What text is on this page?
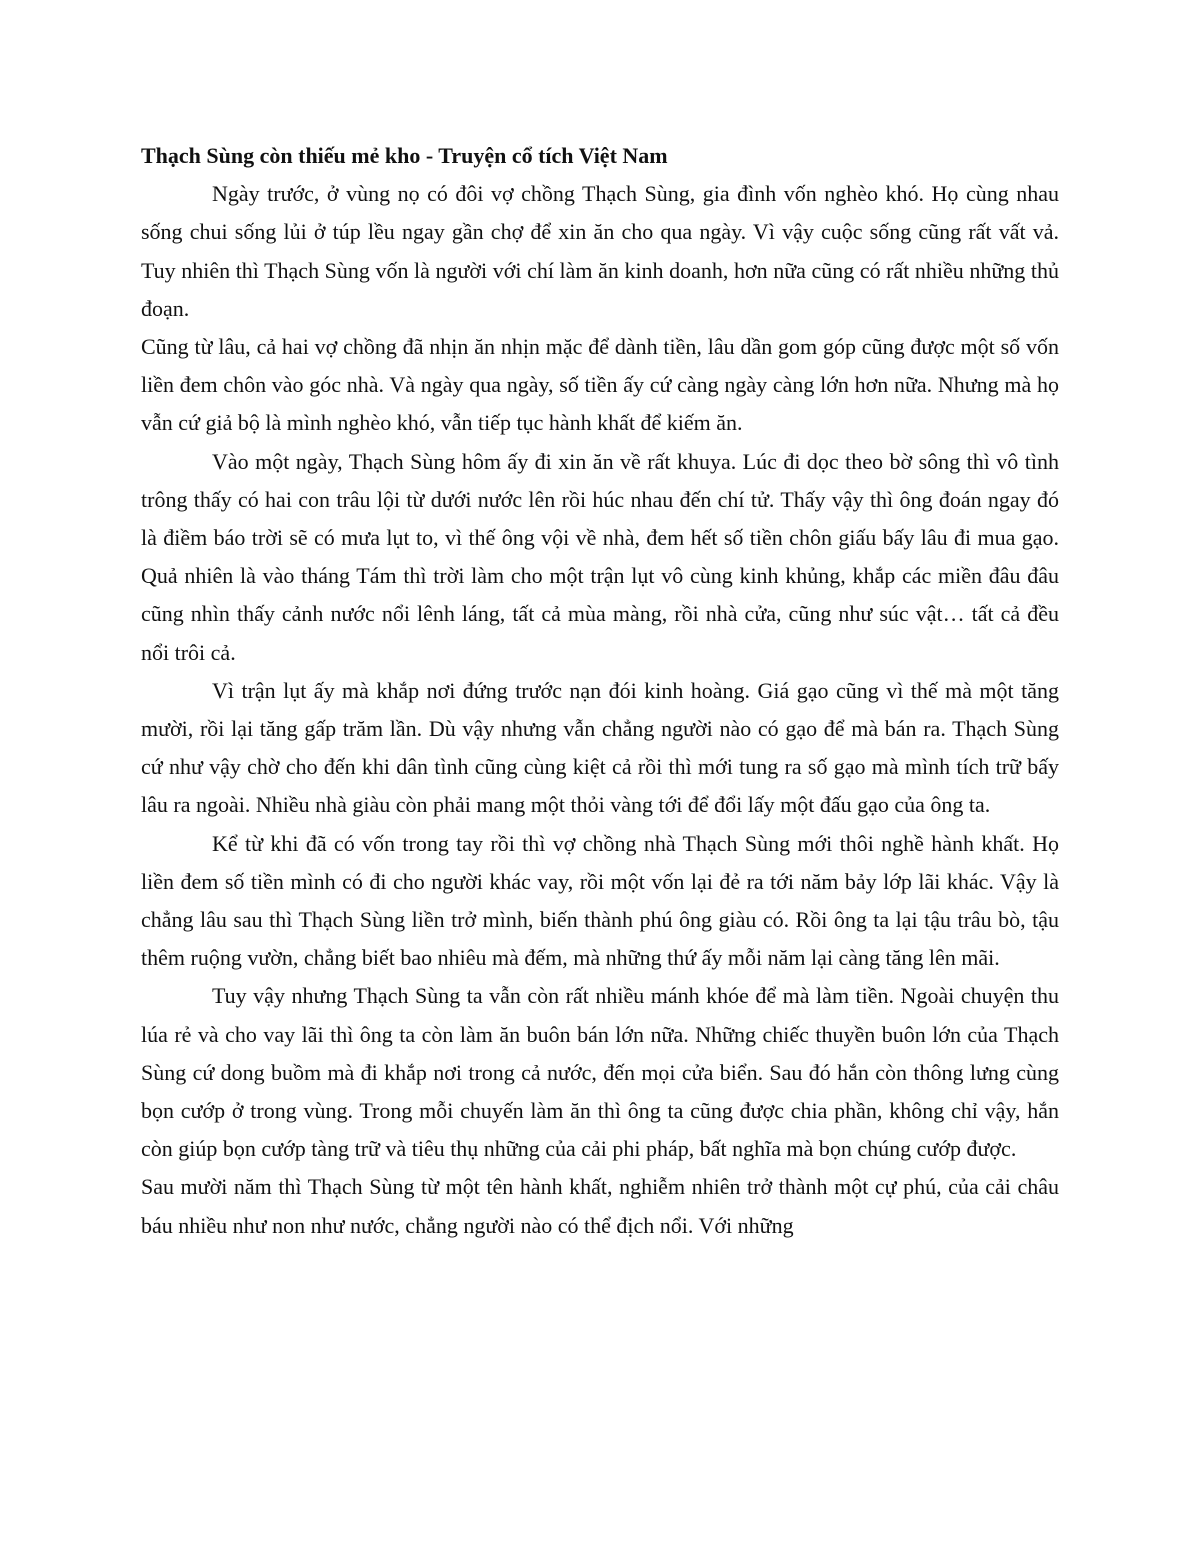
Thạch Sùng còn thiếu mẻ kho - Truyện cổ tích Việt Nam

Ngày trước, ở vùng nọ có đôi vợ chồng Thạch Sùng, gia đình vốn nghèo khó. Họ cùng nhau sống chui sống lủi ở túp lều ngay gần chợ để xin ăn cho qua ngày. Vì vậy cuộc sống cũng rất vất vả. Tuy nhiên thì Thạch Sùng vốn là người với chí làm ăn kinh doanh, hơn nữa cũng có rất nhiều những thủ đoạn.

Cũng từ lâu, cả hai vợ chồng đã nhịn ăn nhịn mặc để dành tiền, lâu dần gom góp cũng được một số vốn liền đem chôn vào góc nhà. Và ngày qua ngày, số tiền ấy cứ càng ngày càng lớn hơn nữa. Nhưng mà họ vẫn cứ giả bộ là mình nghèo khó, vẫn tiếp tục hành khất để kiếm ăn.

Vào một ngày, Thạch Sùng hôm ấy đi xin ăn về rất khuya. Lúc đi dọc theo bờ sông thì vô tình trông thấy có hai con trâu lội từ dưới nước lên rồi húc nhau đến chí tử. Thấy vậy thì ông đoán ngay đó là điềm báo trời sẽ có mưa lụt to, vì thế ông vội về nhà, đem hết số tiền chôn giấu bấy lâu đi mua gạo. Quả nhiên là vào tháng Tám thì trời làm cho một trận lụt vô cùng kinh khủng, khắp các miền đâu đâu cũng nhìn thấy cảnh nước nổi lênh láng, tất cả mùa màng, rồi nhà cửa, cũng như súc vật… tất cả đều nổi trôi cả.

Vì trận lụt ấy mà khắp nơi đứng trước nạn đói kinh hoàng. Giá gạo cũng vì thế mà một tăng mười, rồi lại tăng gấp trăm lần. Dù vậy nhưng vẫn chẳng người nào có gạo để mà bán ra. Thạch Sùng cứ như vậy chờ cho đến khi dân tình cũng cùng kiệt cả rồi thì mới tung ra số gạo mà mình tích trữ bấy lâu ra ngoài. Nhiều nhà giàu còn phải mang một thỏi vàng tới để đổi lấy một đấu gạo của ông ta.

Kể từ khi đã có vốn trong tay rồi thì vợ chồng nhà Thạch Sùng mới thôi nghề hành khất. Họ liền đem số tiền mình có đi cho người khác vay, rồi một vốn lại đẻ ra tới năm bảy lớp lãi khác. Vậy là chẳng lâu sau thì Thạch Sùng liền trở mình, biến thành phú ông giàu có. Rồi ông ta lại tậu trâu bò, tậu thêm ruộng vườn, chẳng biết bao nhiêu mà đếm, mà những thứ ấy mỗi năm lại càng tăng lên mãi.

Tuy vậy nhưng Thạch Sùng ta vẫn còn rất nhiều mánh khóe để mà làm tiền. Ngoài chuyện thu lúa rẻ và cho vay lãi thì ông ta còn làm ăn buôn bán lớn nữa. Những chiếc thuyền buôn lớn của Thạch Sùng cứ dong buồm mà đi khắp nơi trong cả nước, đến mọi cửa biển. Sau đó hắn còn thông lưng cùng bọn cướp ở trong vùng. Trong mỗi chuyến làm ăn thì ông ta cũng được chia phần, không chỉ vậy, hắn còn giúp bọn cướp tàng trữ và tiêu thụ những của cải phi pháp, bất nghĩa mà bọn chúng cướp được.

Sau mười năm thì Thạch Sùng từ một tên hành khất, nghiễm nhiên trở thành một cự phú, của cải châu báu nhiều như non như nước, chẳng người nào có thể địch nổi. Với những
